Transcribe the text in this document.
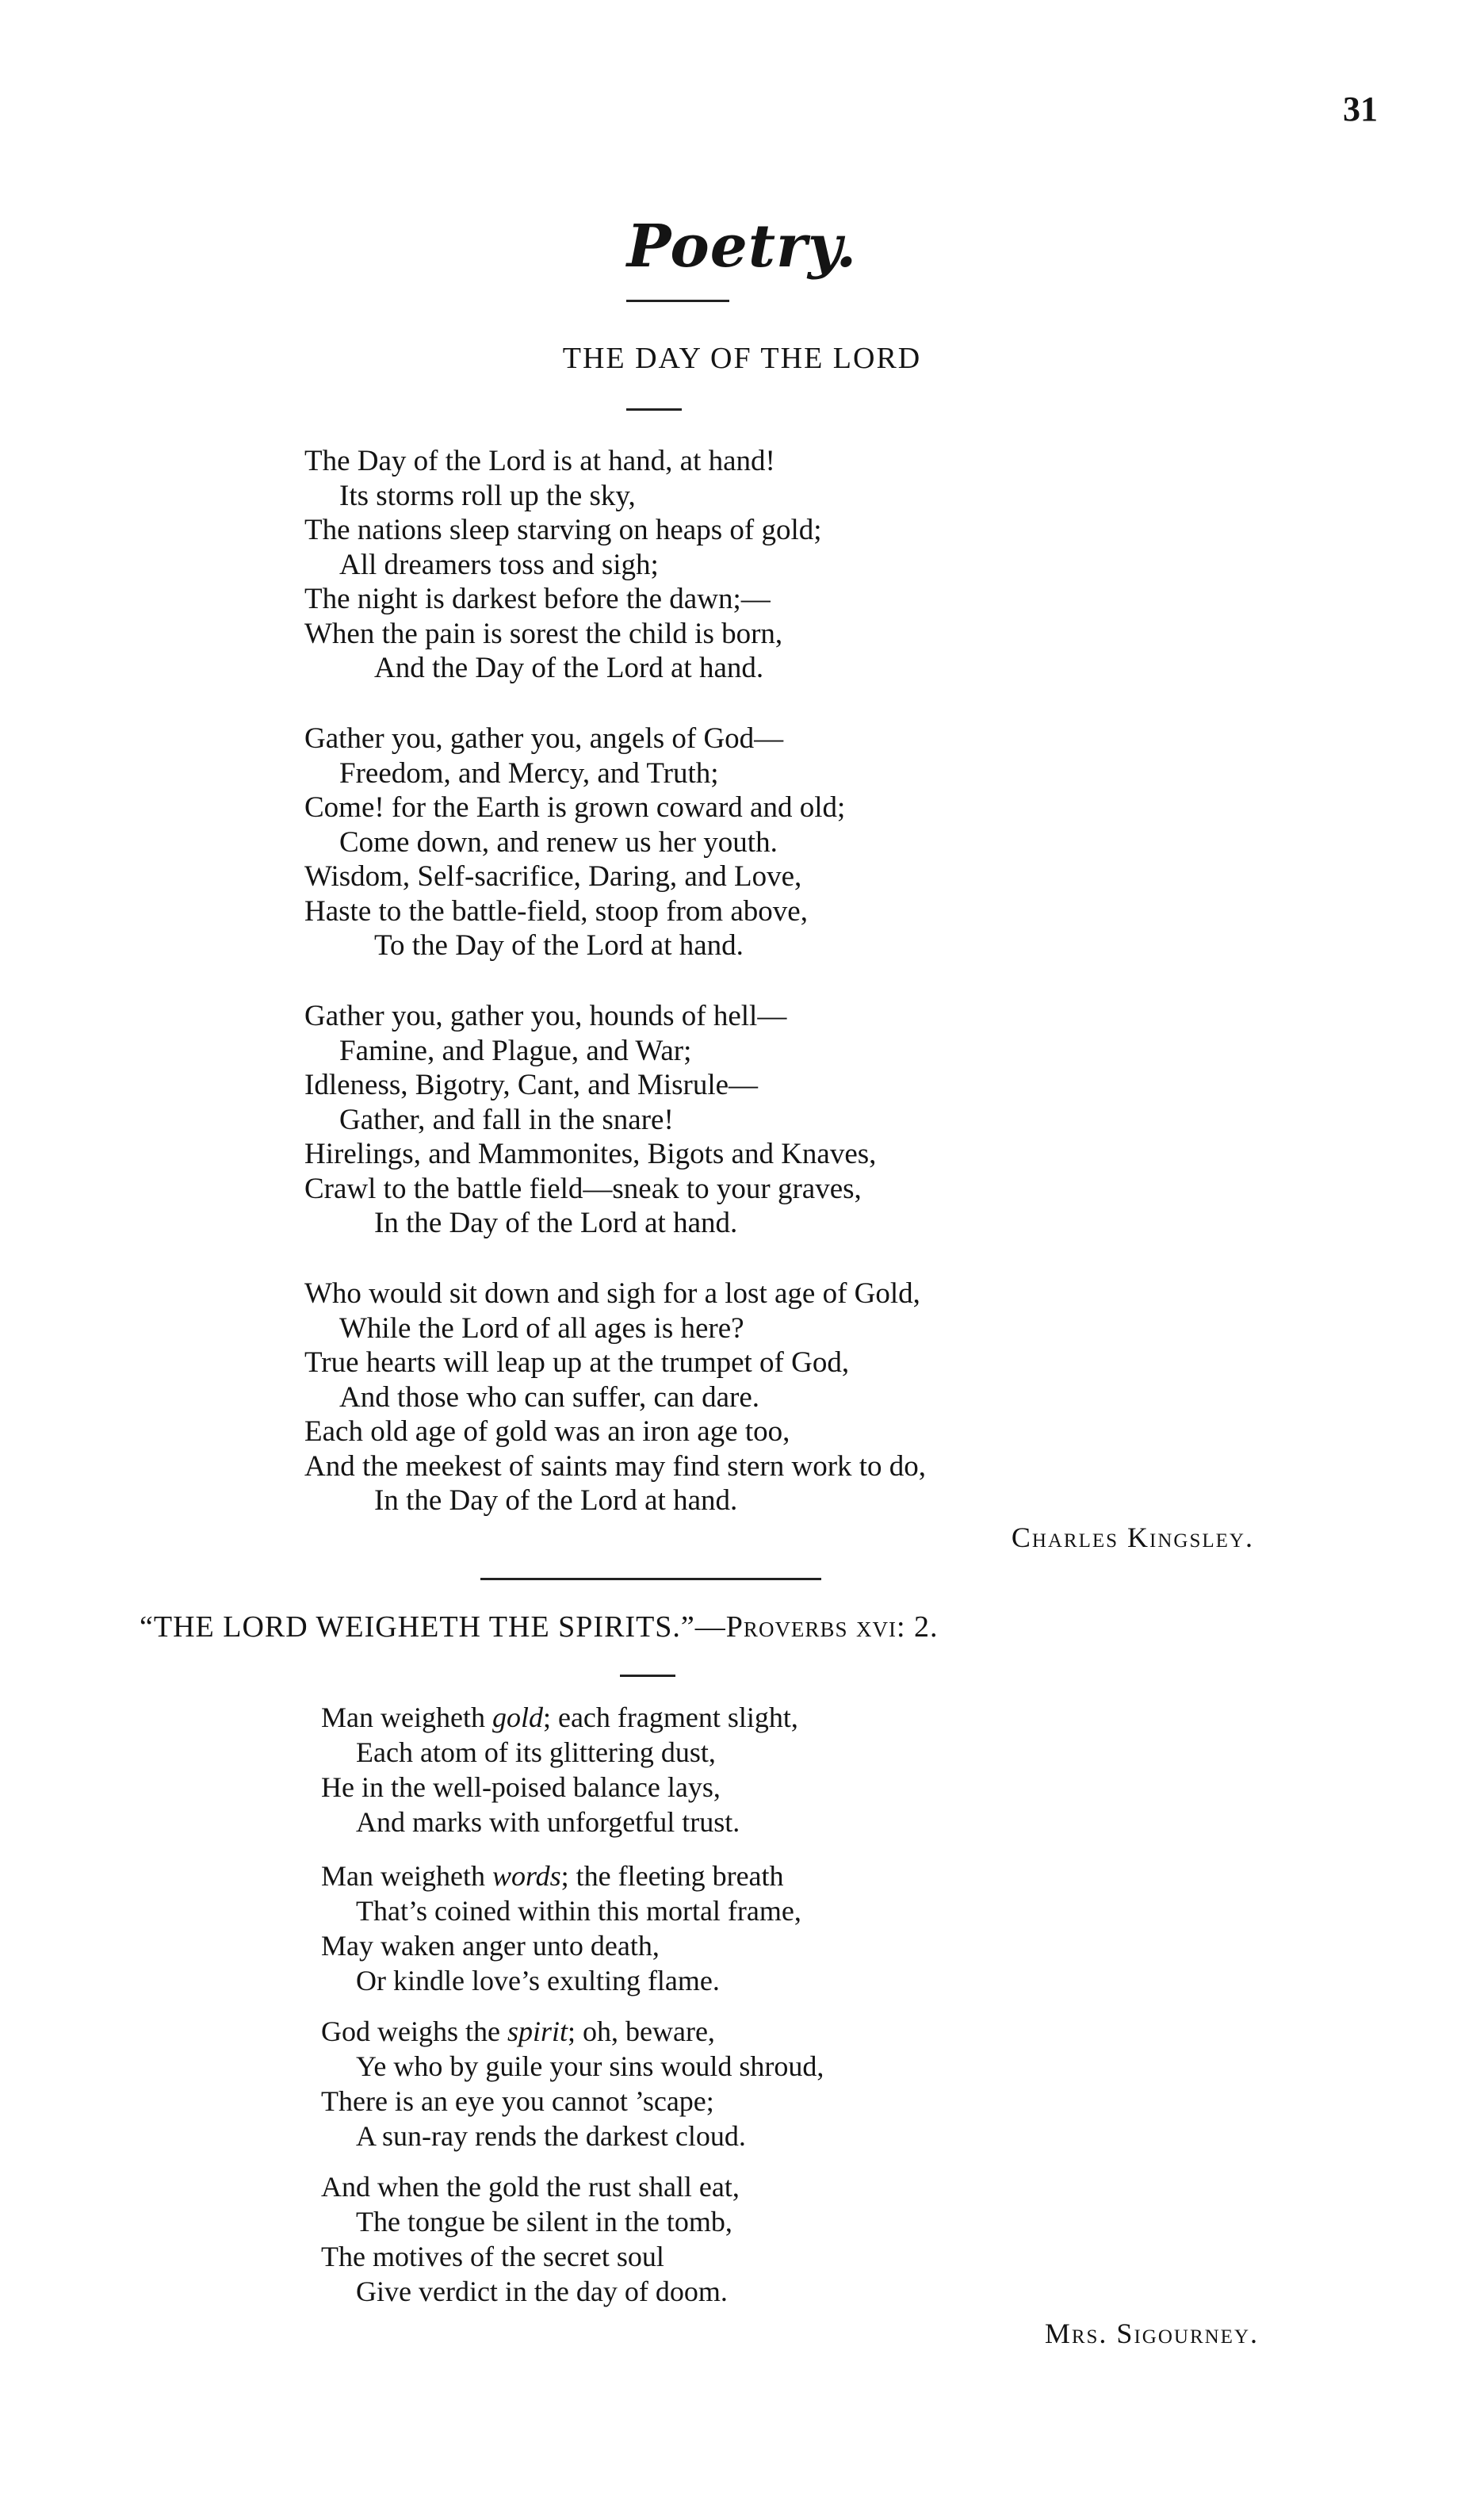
31
Poetry.
THE DAY OF THE LORD
The Day of the Lord is at hand, at hand!
Its storms roll up the sky,
The nations sleep starving on heaps of gold;
All dreamers toss and sigh;
The night is darkest before the dawn;—
When the pain is sorest the child is born,
And the Day of the Lord at hand.
Gather you, gather you, angels of God—
Freedom, and Mercy, and Truth;
Come! for the Earth is grown coward and old;
Come down, and renew us her youth.
Wisdom, Self-sacrifice, Daring, and Love,
Haste to the battle-field, stoop from above,
To the Day of the Lord at hand.
Gather you, gather you, hounds of hell—
Famine, and Plague, and War;
Idleness, Bigotry, Cant, and Misrule—
Gather, and fall in the snare!
Hirelings, and Mammonites, Bigots and Knaves,
Crawl to the battle field—sneak to your graves,
In the Day of the Lord at hand.
Who would sit down and sigh for a lost age of Gold,
While the Lord of all ages is here?
True hearts will leap up at the trumpet of God,
And those who can suffer, can dare.
Each old age of gold was an iron age too,
And the meekest of saints may find stern work to do,
In the Day of the Lord at hand.
Charles Kingsley.
“THE LORD WEIGHETH THE SPIRITS.”—Proverbs xvi: 2.
Man weigheth gold; each fragment slight,
Each atom of its glittering dust,
He in the well-poised balance lays,
And marks with unforgetful trust.
Man weigheth words; the fleeting breath
That’s coined within this mortal frame,
May waken anger unto death,
Or kindle love’s exulting flame.
God weighs the spirit; oh, beware,
Ye who by guile your sins would shroud,
There is an eye you cannot ’scape;
A sun-ray rends the darkest cloud.
And when the gold the rust shall eat,
The tongue be silent in the tomb,
The motives of the secret soul
Give verdict in the day of doom.
Mrs. Sigourney.
